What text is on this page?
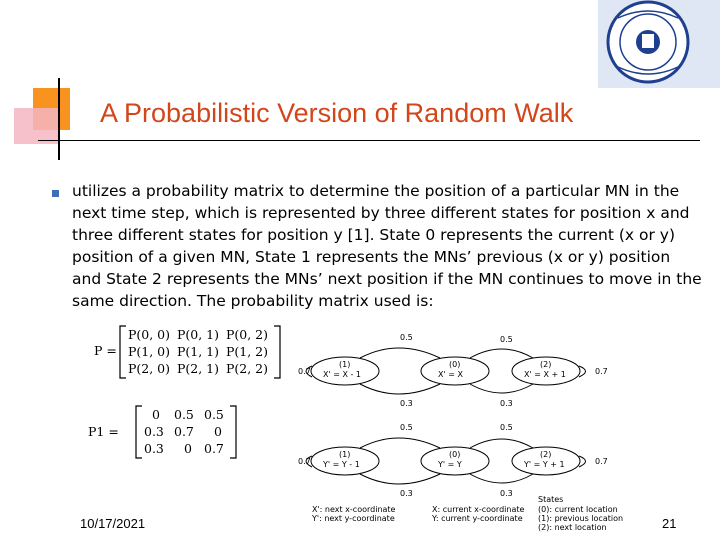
A Probabilistic Version of Random Walk
utilizes a probability matrix to determine the position of a particular MN in the next time step, which is represented by three different states for position x and three different states for position y [1]. State 0 represents the current (x or y) position of a given MN, State 1 represents the MNs’ previous (x or y) position and State 2 represents the MNs’ next position if the MN continues to move in the same direction. The probability matrix used is:
P =
P(0, 0) P(0, 1) P(0, 2)
P(1, 0) P(1, 1) P(1, 2)
P(2, 0) P(2, 1) P(2, 2)
P1 =
0 0.5 0.5
0.3 0.7 0
0.3 0 0.7
0.5	0.5
0.3	0.3
0.7	0.7
(1)
X' = X - 1
(0)
X' = X
(2)
X' = X + 1
0.5	0.5
0.3	0.3
0.7	0.7
(1)
Y' = Y - 1
(0)
Y' = Y
(2)
Y' = Y + 1
States
X': next x-coordinate
Y': next y-coordinate
X: current x-coordinate
Y: current y-coordinate
(0): current location
(1): previous location
(2): next location
10/17/2021	21
